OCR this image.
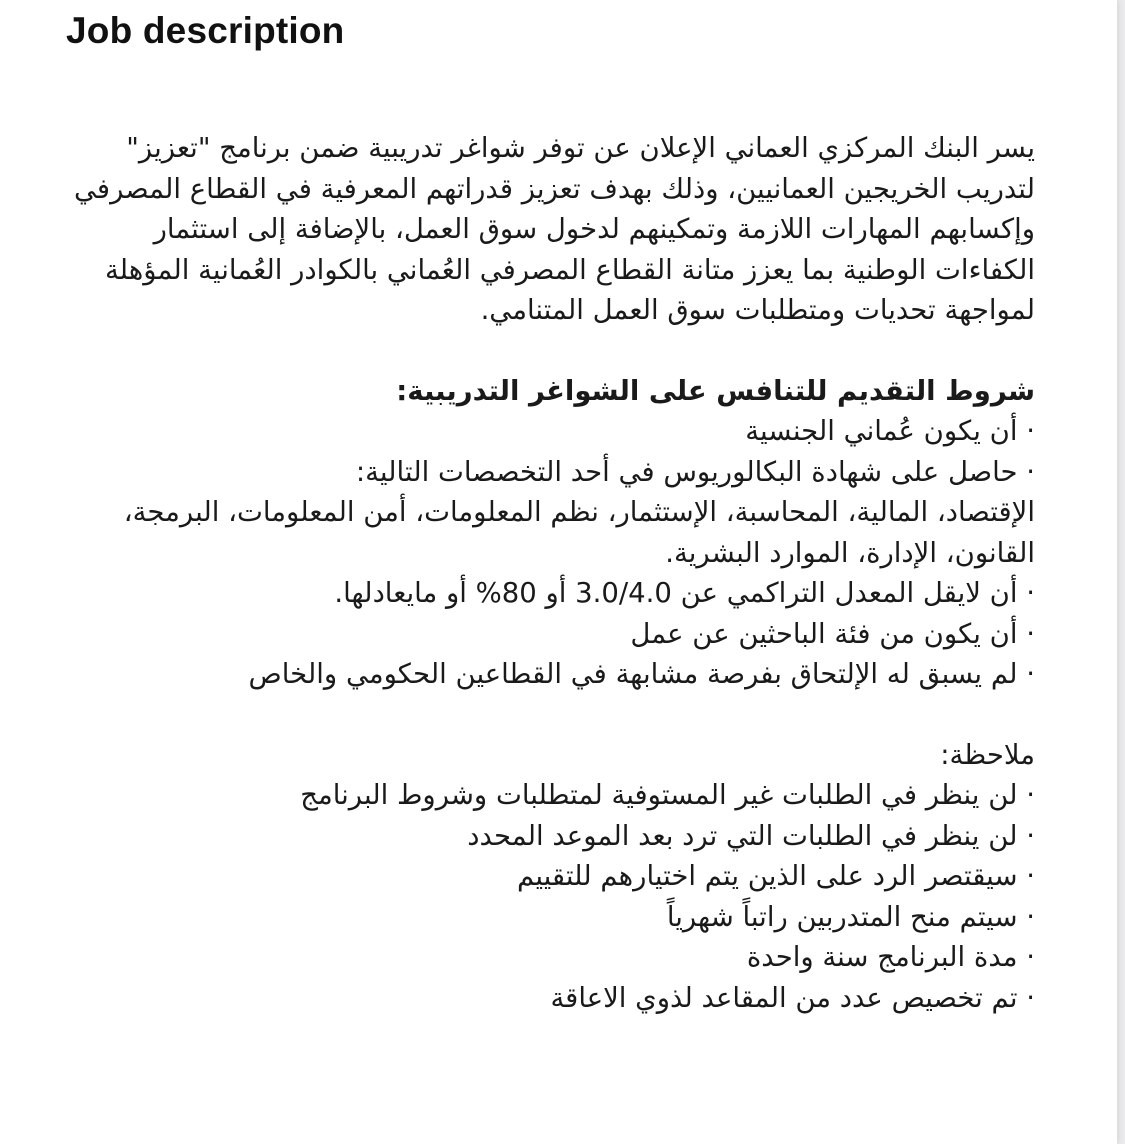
Job description

يسر البنك المركزي العماني الإعلان عن توفر شواغر تدريبية ضمن برنامج "تعزيز" لتدريب الخريجين العمانيين، وذلك بهدف تعزيز قدراتهم المعرفية في القطاع المصرفي وإكسابهم المهارات اللازمة وتمكينهم لدخول سوق العمل، بالإضافة إلى استثمار الكفاءات الوطنية بما يعزز متانة القطاع المصرفي العُماني بالكوادر العُمانية المؤهلة لمواجهة تحديات ومتطلبات سوق العمل المتنامي.

شروط التقديم للتنافس على الشواغر التدريبية:

· أن يكون عُماني الجنسية

· حاصل على شهادة البكالوريوس في أحد التخصصات التالية:

الإقتصاد، المالية، المحاسبة، الإستثمار، نظم المعلومات، أمن المعلومات، البرمجة، القانون، الإدارة، الموارد البشرية.

· أن لايقل المعدل التراكمي عن 3.0/4.0 أو 80% أو مايعادلها.

· أن يكون من فئة الباحثين عن عمل

· لم يسبق له الإلتحاق بفرصة مشابهة في القطاعين الحكومي والخاص

ملاحظة:

· لن ينظر في الطلبات غير المستوفية لمتطلبات وشروط البرنامج

· لن ينظر في الطلبات التي ترد بعد الموعد المحدد

· سيقتصر الرد على الذين يتم اختيارهم للتقييم

· سيتم منح المتدربين راتباً شهرياً

· مدة البرنامج سنة واحدة

· تم تخصيص عدد من المقاعد لذوي الاعاقة
